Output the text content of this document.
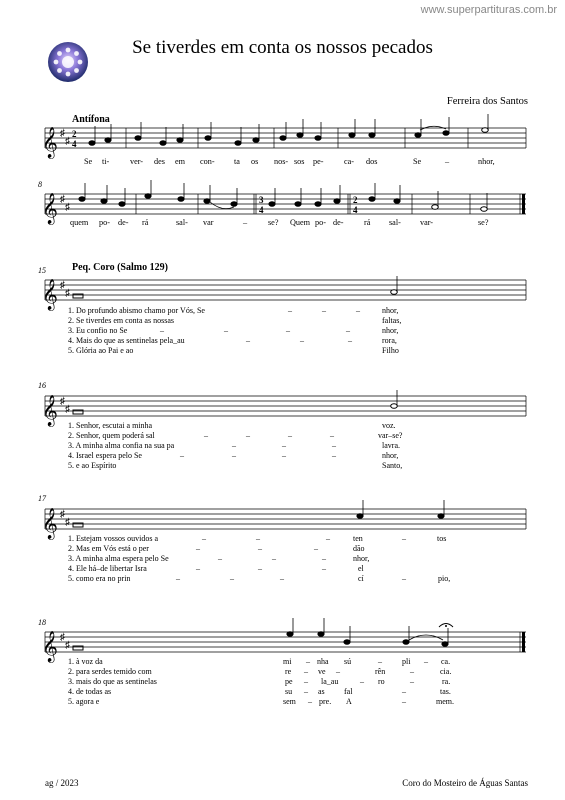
www.superpartituras.com.br
Se tiverdes em conta os nossos pecados
Ferreira dos Santos
Antífona
𝄞 ♯
♯
2
4
Se ti-	ver- des em con- ta os nos- sos pe-	ca- dos	Se	–	nhor,
8
𝄞 ♯
♯
3
4
2
4
quem po- de- rá	sal- var	–	se? Quem po- de-	rá sal- var-	se?
Peq. Coro (Salmo 129)
15
𝄞 ♯
♯
1. Do profundo abismo chamo por Vós, Se	–	–	–	nhor,
2. Se tiverdes em conta as nossas	faltas,
3. Eu confio no Se	–	–	–	–	nhor,
4. Mais do que as sentinelas pela_au	–	–	–	rora,
5. Glória ao Pai e ao	Filho
16
𝄞 ♯
♯
1. Senhor, escutai a minha	voz.
2. Senhor, quem poderá sal	–	–	–	–	var–se?
3. A minha alma confia na sua pa	–	–	–	lavra.
4. Israel espera pelo Se	–	–	–	–	nhor,
5. e ao Espírito	Santo,
17
𝄞 ♯
♯
1. Estejam vossos ouvidos a	–	–	–	ten	–	tos
2. Mas em Vós está o per	–	–	–	dão
3. A minha alma espera pelo Se	–	–	–	nhor,
4. Ele há–de libertar Isra	–	–	–	el
5. como era no prin	–	–	–	cí	–	pio,
18
𝄞 ♯
♯
1. à voz da	mi – nha sú	–	pli – ca.
2. para serdes temido com	re – ve –	rên	–	cia.
3. mais do que as sentinelas	pe – la_au	– ro	–	ra.
4. de todas as	su – as fal	–	tas.
5. agora e	sem – pre. A	–	mem.
ag / 2023	Coro do Mosteiro de Águas Santas
